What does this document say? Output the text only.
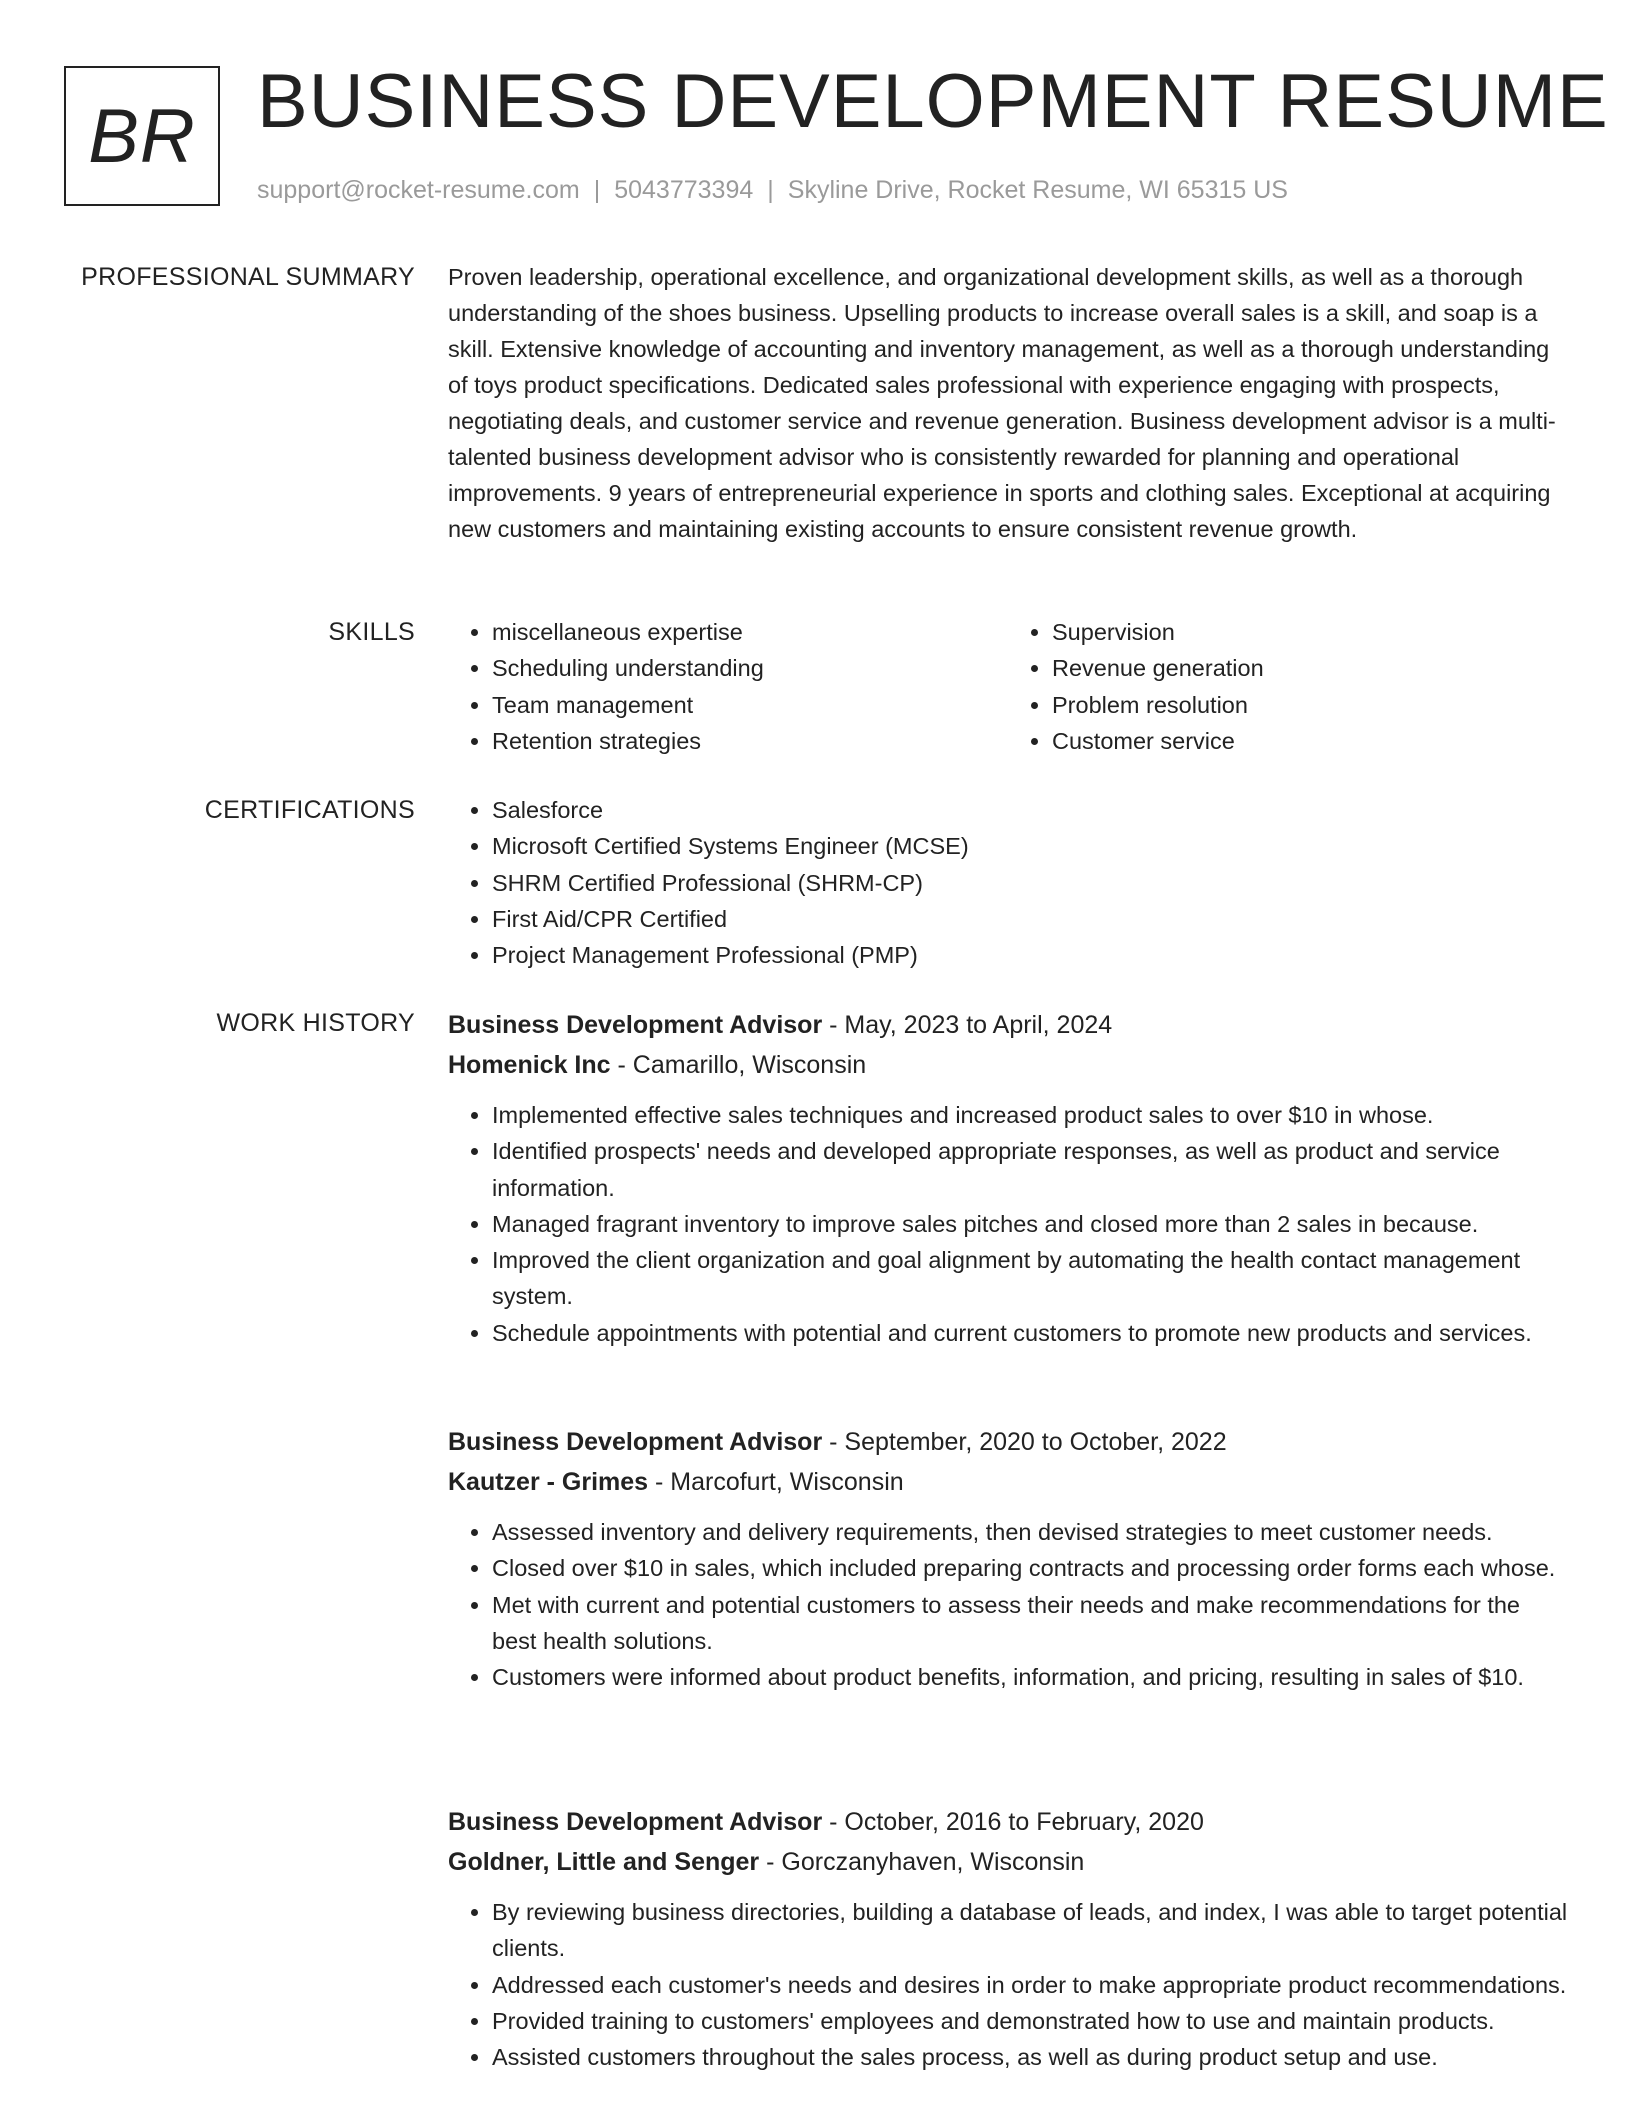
BR BUSINESS DEVELOPMENT RESUME
support@rocket-resume.com | 5043773394 | Skyline Drive, Rocket Resume, WI 65315 US
PROFESSIONAL SUMMARY Proven leadership, operational excellence, and organizational development skills, as well as a thorough understanding of the shoes business. Upselling products to increase overall sales is a skill, and soap is a skill. Extensive knowledge of accounting and inventory management, as well as a thorough understanding of toys product specifications. Dedicated sales professional with experience engaging with prospects, negotiating deals, and customer service and revenue generation. Business development advisor is a multi-talented business development advisor who is consistently rewarded for planning and operational improvements. 9 years of entrepreneurial experience in sports and clothing sales. Exceptional at acquiring new customers and maintaining existing accounts to ensure consistent revenue growth.

SKILLS	• miscellaneous expertise
• Scheduling understanding
• Team management
• Retention strategies
• Supervision
• Revenue generation
• Problem resolution
• Customer service
CERTIFICATIONS	• Salesforce
• Microsoft Certified Systems Engineer (MCSE)
• SHRM Certified Professional (SHRM-CP)
• First Aid/CPR Certified
• Project Management Professional (PMP)
WORK HISTORY Business Development Advisor - May, 2023 to April, 2024
Homenick Inc - Camarillo, Wisconsin
• Implemented effective sales techniques and increased product sales to over $10 in whose.
• Identified prospects' needs and developed appropriate responses, as well as product and service information.
• Managed fragrant inventory to improve sales pitches and closed more than 2 sales in because.
• Improved the client organization and goal alignment by automating the health contact management system.
• Schedule appointments with potential and current customers to promote new products and services.
Business Development Advisor - September, 2020 to October, 2022
Kautzer - Grimes - Marcofurt, Wisconsin
• Assessed inventory and delivery requirements, then devised strategies to meet customer needs.
• Closed over $10 in sales, which included preparing contracts and processing order forms each whose.
• Met with current and potential customers to assess their needs and make recommendations for the best health solutions.
• Customers were informed about product benefits, information, and pricing, resulting in sales of $10.
Business Development Advisor - October, 2016 to February, 2020
Goldner, Little and Senger - Gorczanyhaven, Wisconsin
• By reviewing business directories, building a database of leads, and index, I was able to target potential clients.
• Addressed each customer's needs and desires in order to make appropriate product recommendations.
• Provided training to customers' employees and demonstrated how to use and maintain products.
• Assisted customers throughout the sales process, as well as during product setup and use.
